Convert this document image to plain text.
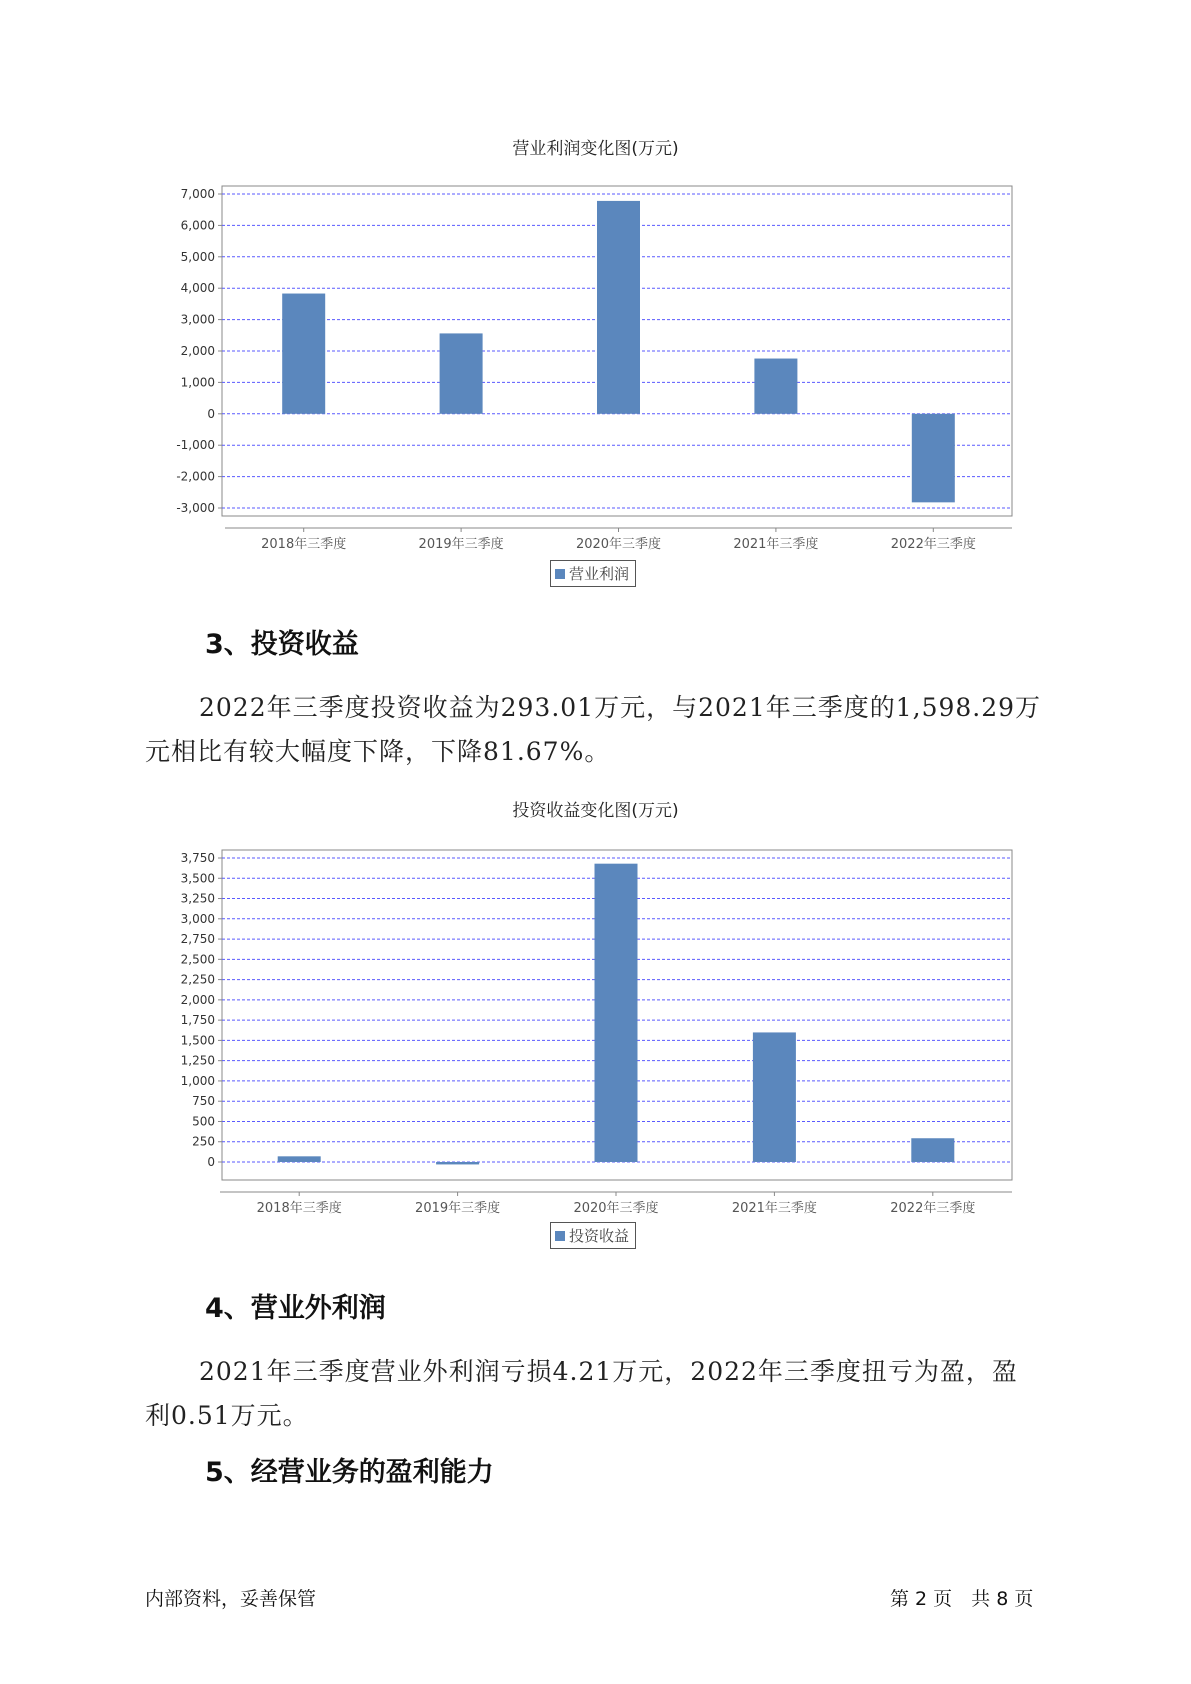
营业利润变化图(万元)
7,000
6,000
5,000
4,000
3,000
2,000
1,000
0
-1,000
-2,000
-3,000
2018年三季度	2019年三季度	2020年三季度	2021年三季度	2022年三季度
营业利润
3、投资收益
2022年三季度投资收益为293.01万元，与2021年三季度的1,598.29万
元相比有较大幅度下降，下降81.67%。
投资收益变化图(万元)
3,750
3,500
3,250
3,000
2,750
2,500
2,250
2,000
1,750
1,500
1,250
1,000
750
500
250
0
2018年三季度	2019年三季度	2020年三季度	2021年三季度	2022年三季度
投资收益
4、营业外利润
2021年三季度营业外利润亏损4.21万元，2022年三季度扭亏为盈，盈
利0.51万元。
5、经营业务的盈利能力
内部资料，妥善保管	第 2 页　共 8 页
